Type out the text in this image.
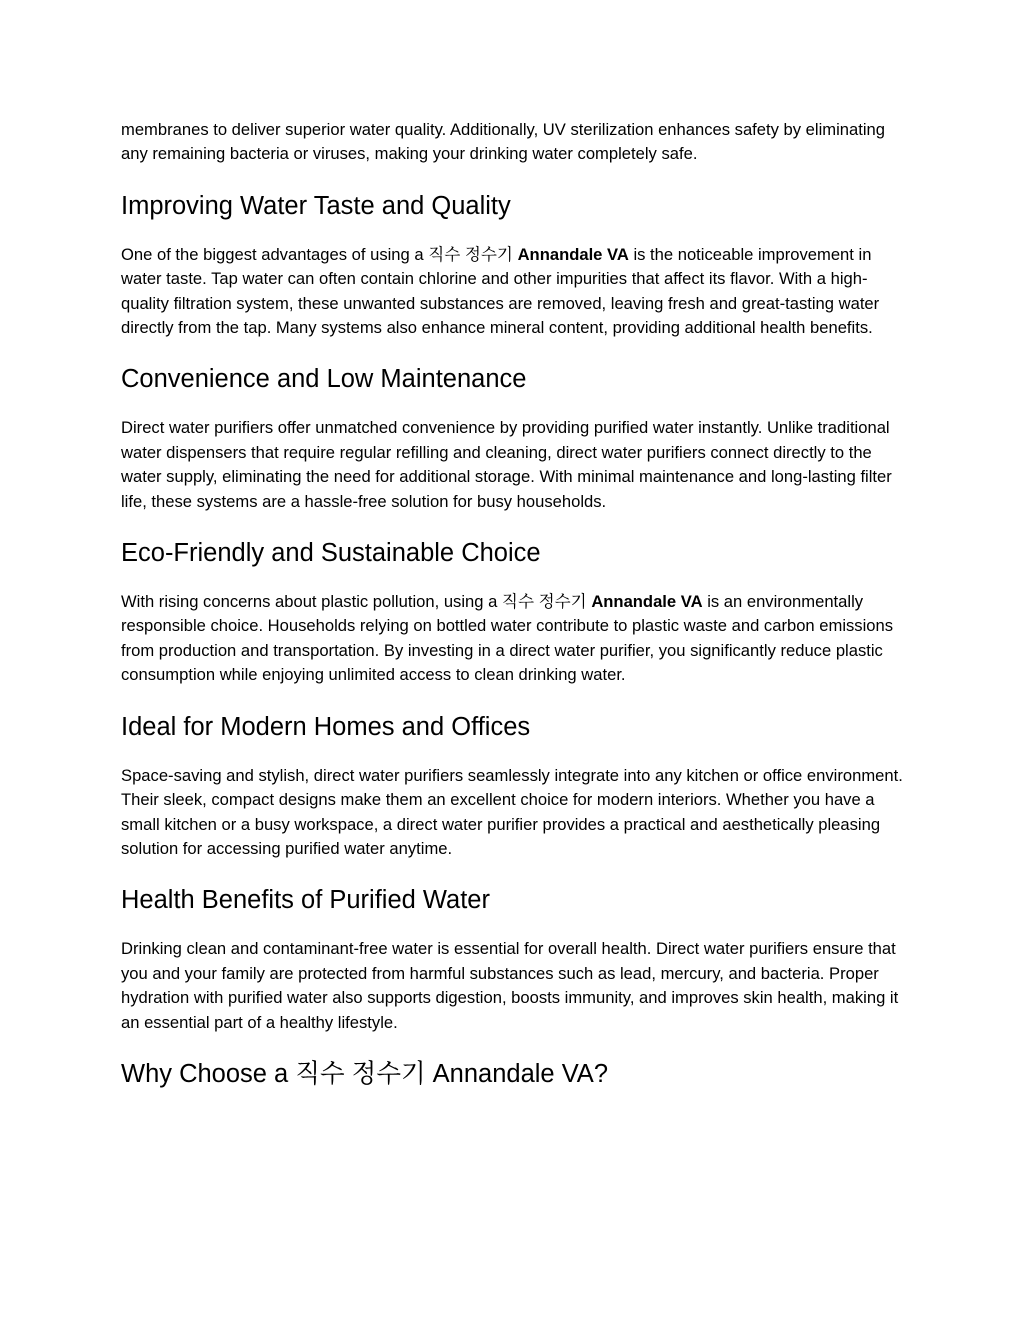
membranes to deliver superior water quality. Additionally, UV sterilization enhances safety by eliminating any remaining bacteria or viruses, making your drinking water completely safe.

Improving Water Taste and Quality

One of the biggest advantages of using a 직수 정수기 Annandale VA is the noticeable improvement in water taste. Tap water can often contain chlorine and other impurities that affect its flavor. With a high-quality filtration system, these unwanted substances are removed, leaving fresh and great-tasting water directly from the tap. Many systems also enhance mineral content, providing additional health benefits.

Convenience and Low Maintenance

Direct water purifiers offer unmatched convenience by providing purified water instantly. Unlike traditional water dispensers that require regular refilling and cleaning, direct water purifiers connect directly to the water supply, eliminating the need for additional storage. With minimal maintenance and long-lasting filter life, these systems are a hassle-free solution for busy households.

Eco-Friendly and Sustainable Choice

With rising concerns about plastic pollution, using a 직수 정수기 Annandale VA is an environmentally responsible choice. Households relying on bottled water contribute to plastic waste and carbon emissions from production and transportation. By investing in a direct water purifier, you significantly reduce plastic consumption while enjoying unlimited access to clean drinking water.

Ideal for Modern Homes and Offices

Space-saving and stylish, direct water purifiers seamlessly integrate into any kitchen or office environment. Their sleek, compact designs make them an excellent choice for modern interiors. Whether you have a small kitchen or a busy workspace, a direct water purifier provides a practical and aesthetically pleasing solution for accessing purified water anytime.

Health Benefits of Purified Water

Drinking clean and contaminant-free water is essential for overall health. Direct water purifiers ensure that you and your family are protected from harmful substances such as lead, mercury, and bacteria. Proper hydration with purified water also supports digestion, boosts immunity, and improves skin health, making it an essential part of a healthy lifestyle.

Why Choose a 직수 정수기 Annandale VA?
